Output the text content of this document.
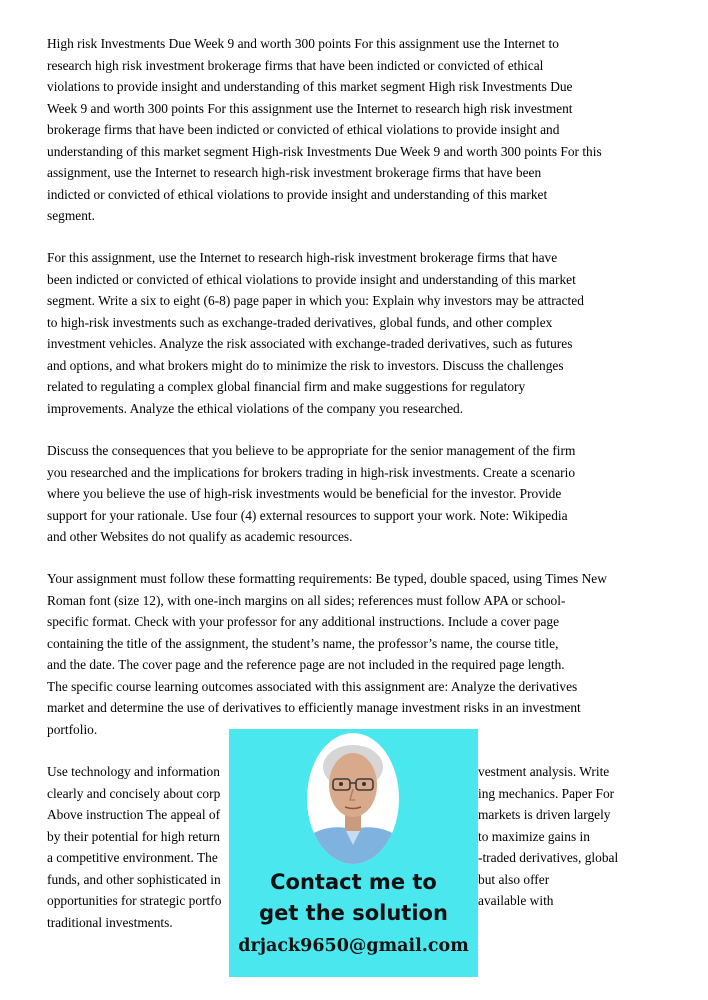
High risk Investments Due Week 9 and worth 300 points For this assignment use the Internet to
research high risk investment brokerage firms that have been indicted or convicted of ethical
violations to provide insight and understanding of this market segment High risk Investments Due
Week 9 and worth 300 points For this assignment use the Internet to research high risk investment
brokerage firms that have been indicted or convicted of ethical violations to provide insight and
understanding of this market segment High-risk Investments Due Week 9 and worth 300 points For this
assignment, use the Internet to research high-risk investment brokerage firms that have been
indicted or convicted of ethical violations to provide insight and understanding of this market
segment.
For this assignment, use the Internet to research high-risk investment brokerage firms that have
been indicted or convicted of ethical violations to provide insight and understanding of this market
segment. Write a six to eight (6-8) page paper in which you: Explain why investors may be attracted
to high-risk investments such as exchange-traded derivatives, global funds, and other complex
investment vehicles. Analyze the risk associated with exchange-traded derivatives, such as futures
and options, and what brokers might do to minimize the risk to investors. Discuss the challenges
related to regulating a complex global financial firm and make suggestions for regulatory
improvements. Analyze the ethical violations of the company you researched.
Discuss the consequences that you believe to be appropriate for the senior management of the firm
you researched and the implications for brokers trading in high-risk investments. Create a scenario
where you believe the use of high-risk investments would be beneficial for the investor. Provide
support for your rationale. Use four (4) external resources to support your work. Note: Wikipedia
and other Websites do not qualify as academic resources.
Your assignment must follow these formatting requirements: Be typed, double spaced, using Times New
Roman font (size 12), with one-inch margins on all sides; references must follow APA or school-
specific format. Check with your professor for any additional instructions. Include a cover page
containing the title of the assignment, the student’s name, the professor’s name, the course title,
and the date. The cover page and the reference page are not included in the required page length.
The specific course learning outcomes associated with this assignment are: Analyze the derivatives
market and determine the use of derivatives to efficiently manage investment risks in an investment
portfolio.
Use technology and information
clearly and concisely about corp
Above instruction The appeal of
by their potential for high return
a competitive environment. The
funds, and other sophisticated in
opportunities for strategic portfo
traditional investments.
vestment analysis. Write
ing mechanics. Paper For
markets is driven largely
to maximize gains in
-traded derivatives, global
but also offer
available with
Contact me to
get the solution
drjack9650@gmail.com
